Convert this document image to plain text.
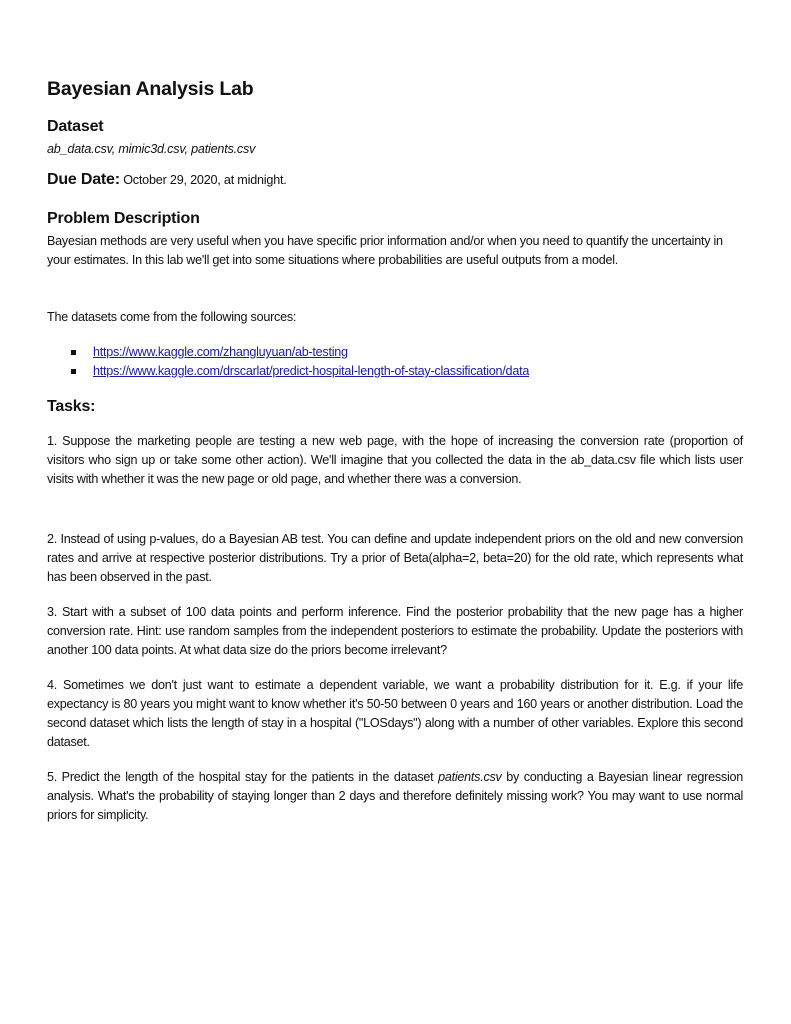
Bayesian Analysis Lab
Dataset
ab_data.csv, mimic3d.csv, patients.csv
Due Date: October 29, 2020, at midnight.
Problem Description
Bayesian methods are very useful when you have specific prior information and/or when you need to quantify the uncertainty in your estimates. In this lab we'll get into some situations where probabilities are useful outputs from a model.
The datasets come from the following sources:
https://www.kaggle.com/zhangluyuan/ab-testing
https://www.kaggle.com/drscarlat/predict-hospital-length-of-stay-classification/data
Tasks:
1. Suppose the marketing people are testing a new web page, with the hope of increasing the conversion rate (proportion of visitors who sign up or take some other action). We'll imagine that you collected the data in the ab_data.csv file which lists user visits with whether it was the new page or old page, and whether there was a conversion.
2. Instead of using p-values, do a Bayesian AB test. You can define and update independent priors on the old and new conversion rates and arrive at respective posterior distributions. Try a prior of Beta(alpha=2, beta=20) for the old rate, which represents what has been observed in the past.
3. Start with a subset of 100 data points and perform inference. Find the posterior probability that the new page has a higher conversion rate. Hint: use random samples from the independent posteriors to estimate the probability. Update the posteriors with another 100 data points. At what data size do the priors become irrelevant?
4. Sometimes we don't just want to estimate a dependent variable, we want a probability distribution for it. E.g. if your life expectancy is 80 years you might want to know whether it's 50-50 between 0 years and 160 years or another distribution. Load the second dataset which lists the length of stay in a hospital ("LOSdays") along with a number of other variables. Explore this second dataset.
5. Predict the length of the hospital stay for the patients in the dataset patients.csv by conducting a Bayesian linear regression analysis. What's the probability of staying longer than 2 days and therefore definitely missing work? You may want to use normal priors for simplicity.
